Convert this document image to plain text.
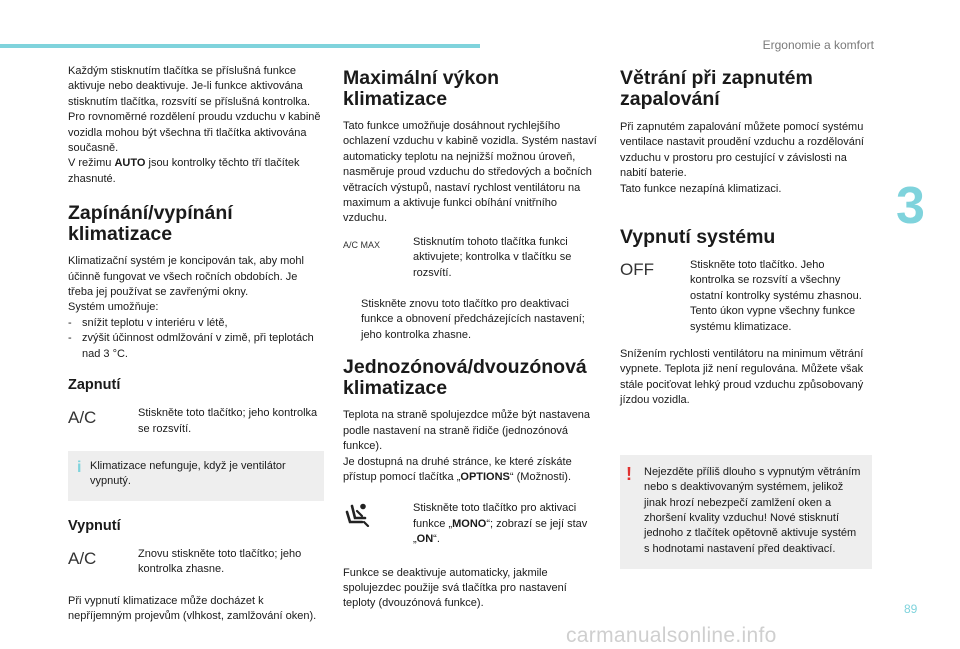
Ergonomie a komfort
3
89
carmanualsonline.info

Každým stisknutím tlačítka se příslušná funkce aktivuje nebo deaktivuje. Je-li funkce aktivována stisknutím tlačítka, rozsvítí se příslušná kontrolka. Pro rovnoměrné rozdělení proudu vzduchu v kabině vozidla mohou být všechna tři tlačítka aktivována současně.

V režimu AUTO jsou kontrolky těchto tří tlačítek zhasnuté.

Zapínání/vypínání klimatizace

Klimatizační systém je koncipován tak, aby mohl účinně fungovat ve všech ročních obdobích. Je třeba jej používat se zavřenými okny.

Systém umožňuje:

- snížit teplotu v interiéru v létě,
- zvýšit účinnost odmlžování v zimě, při teplotách nad 3 °C.
Zapnutí
A/C	Stiskněte toto tlačítko; jeho kontrolka se rozsvítí.
i Klimatizace nefunguje, když je ventilátor vypnutý.

Vypnutí
A/C	Znovu stiskněte toto tlačítko; jeho kontrolka zhasne.

Při vypnutí klimatizace může docházet k nepříjemným projevům (vlhkost, zamlžování oken).

Maximální výkon klimatizace

Tato funkce umožňuje dosáhnout rychlejšího ochlazení vzduchu v kabině vozidla. Systém nastaví automaticky teplotu na nejnižší možnou úroveň, nasměruje proud vzduchu do středových a bočních větracích výstupů, nastaví rychlost ventilátoru na maximum a aktivuje funkci obíhání vnitřního vzduchu.

A/C MAX	Stisknutím tohoto tlačítka funkci aktivujete; kontrolka v tlačítku se rozsvítí.
Stiskněte znovu toto tlačítko pro deaktivaci funkce a obnovení předcházejících nastavení; jeho kontrolka zhasne.
Jednozónová/dvouzónová klimatizace

Teplota na straně spolujezdce může být nastavena podle nastavení na straně řidiče (jednozónová funkce).

Je dostupná na druhé stránce, ke které získáte přístup pomocí tlačítka „OPTIONS“ (Možnosti).

Stiskněte toto tlačítko pro aktivaci funkce „MONO“; zobrazí se její stav „ON“.

Funkce se deaktivuje automaticky, jakmile spolujezdec použije svá tlačítka pro nastavení teploty (dvouzónová funkce).

Větrání při zapnutém zapalování

Při zapnutém zapalování můžete pomocí systému ventilace nastavit proudění vzduchu a rozdělování vzduchu v prostoru pro cestující v závislosti na nabití baterie.

Tato funkce nezapíná klimatizaci.

Vypnutí systému
OFF	Stiskněte toto tlačítko. Jeho kontrolka se rozsvítí a všechny ostatní kontrolky systému zhasnou. Tento úkon vypne všechny funkce systému klimatizace.

Snížením rychlosti ventilátoru na minimum větrání vypnete. Teplota již není regulována. Můžete však stále pociťovat lehký proud vzduchu způsobovaný jízdou vozidla.

! Nejezděte příliš dlouho s vypnutým větráním nebo s deaktivovaným systémem, jelikož jinak hrozí nebezpečí zamlžení oken a zhoršení kvality vzduchu! Nové stisknutí jednoho z tlačítek opětovně aktivuje systém s hodnotami nastavení před deaktivací.
